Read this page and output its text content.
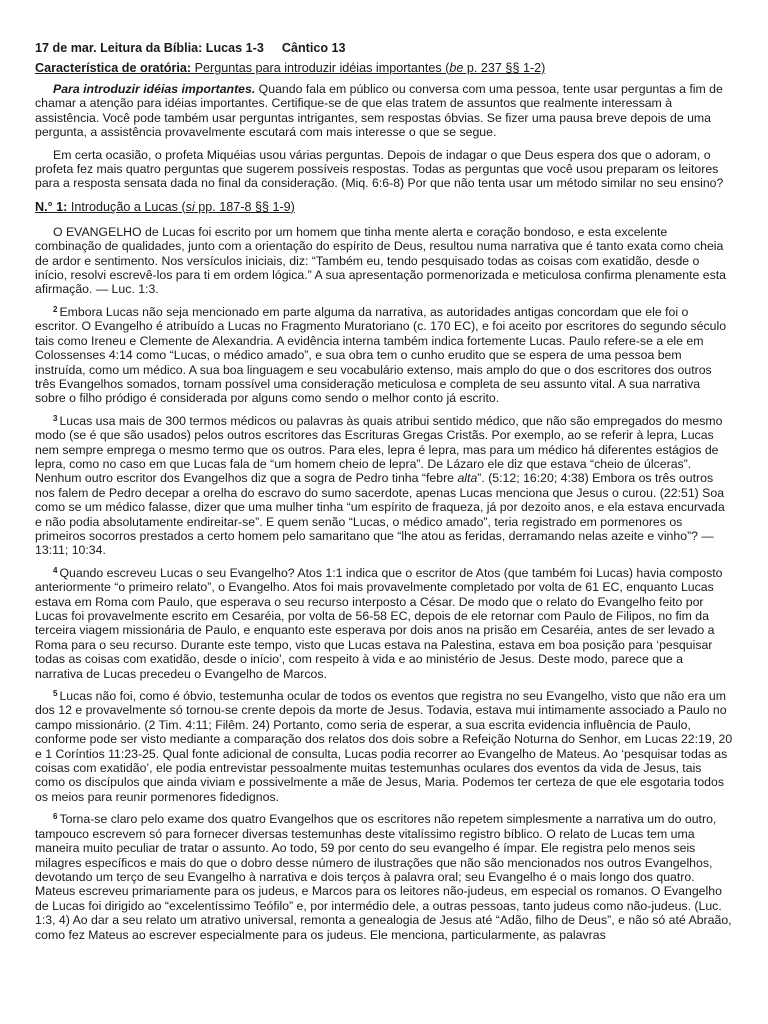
17 de mar. Leitura da Bíblia: Lucas 1-3 Cântico 13
Característica de oratória: Perguntas para introduzir idéias importantes (be p. 237 §§ 1-2)

Para introduzir idéias importantes. Quando fala em público ou conversa com uma pessoa, tente usar perguntas a fim de chamar a atenção para idéias importantes. Certifique-se de que elas tratem de assuntos que realmente interessam à assistência. Você pode também usar perguntas intrigantes, sem respostas óbvias. Se fizer uma pausa breve depois de uma pergunta, a assistência provavelmente escutará com mais interesse o que se segue.

Em certa ocasião, o profeta Miquéias usou várias perguntas. Depois de indagar o que Deus espera dos que o adoram, o profeta fez mais quatro perguntas que sugerem possíveis respostas. Todas as perguntas que você usou preparam os leitores para a resposta sensata dada no final da consideração. (Miq. 6:6-8) Por que não tenta usar um método similar no seu ensino?

N.° 1: Introdução a Lucas (si pp. 187-8 §§ 1-9)

O EVANGELHO de Lucas foi escrito por um homem que tinha mente alerta e coração bondoso, e esta excelente combinação de qualidades, junto com a orientação do espírito de Deus, resultou numa narrativa que é tanto exata como cheia de ardor e sentimento. Nos versículos iniciais, diz: “Também eu, tendo pesquisado todas as coisas com exatidão, desde o início, resolvi escrevê-los para ti em ordem lógica.” A sua apresentação pormenorizada e meticulosa confirma plenamente esta afirmação. — Luc. 1:3.

$^2$ Embora Lucas não seja mencionado em parte alguma da narrativa, as autoridades antigas concordam que ele foi o escritor. O Evangelho é atribuído a Lucas no Fragmento Muratoriano (c. 170 EC), e foi aceito por escritores do segundo século tais como Ireneu e Clemente de Alexandria. A evidência interna também indica fortemente Lucas. Paulo refere-se a ele em Colossenses 4:14 como “Lucas, o médico amado”, e sua obra tem o cunho erudito que se espera de uma pessoa bem instruída, como um médico. A sua boa linguagem e seu vocabulário extenso, mais amplo do que o dos escritores dos outros três Evangelhos somados, tornam possível uma consideração meticulosa e completa de seu assunto vital. A sua narrativa sobre o filho pródigo é considerada por alguns como sendo o melhor conto já escrito.

$^3$ Lucas usa mais de 300 termos médicos ou palavras às quais atribui sentido médico, que não são empregados do mesmo modo (se é que são usados) pelos outros escritores das Escrituras Gregas Cristãs. Por exemplo, ao se referir à lepra, Lucas nem sempre emprega o mesmo termo que os outros. Para eles, lepra é lepra, mas para um médico há diferentes estágios de lepra, como no caso em que Lucas fala de “um homem cheio de lepra”. De Lázaro ele diz que estava “cheio de úlceras”. Nenhum outro escritor dos Evangelhos diz que a sogra de Pedro tinha “febre alta”. (5:12; 16:20; 4:38) Embora os três outros nos falem de Pedro decepar a orelha do escravo do sumo sacerdote, apenas Lucas menciona que Jesus o curou. (22:51) Soa como se um médico falasse, dizer que uma mulher tinha “um espírito de fraqueza, já por dezoito anos, e ela estava encurvada e não podia absolutamente endireitar-se”. E quem senão “Lucas, o médico amado”, teria registrado em pormenores os primeiros socorros prestados a certo homem pelo samaritano que “lhe atou as feridas, derramando nelas azeite e vinho”? — 13:11; 10:34.

$^4$ Quando escreveu Lucas o seu Evangelho? Atos 1:1 indica que o escritor de Atos (que também foi Lucas) havia composto anteriormente “o primeiro relato”, o Evangelho. Atos foi mais provavelmente completado por volta de 61 EC, enquanto Lucas estava em Roma com Paulo, que esperava o seu recurso interposto a César. De modo que o relato do Evangelho feito por Lucas foi provavelmente escrito em Cesaréia, por volta de 56-58 EC, depois de ele retornar com Paulo de Filipos, no fim da terceira viagem missionária de Paulo, e enquanto este esperava por dois anos na prisão em Cesaréia, antes de ser levado a Roma para o seu recurso. Durante este tempo, visto que Lucas estava na Palestina, estava em boa posição para ‘pesquisar todas as coisas com exatidão, desde o início’, com respeito à vida e ao ministério de Jesus. Deste modo, parece que a narrativa de Lucas precedeu o Evangelho de Marcos.

$^5$ Lucas não foi, como é óbvio, testemunha ocular de todos os eventos que registra no seu Evangelho, visto que não era um dos 12 e provavelmente só tornou-se crente depois da morte de Jesus. Todavia, estava mui intimamente associado a Paulo no campo missionário. (2 Tim. 4:11; Filêm. 24) Portanto, como seria de esperar, a sua escrita evidencia influência de Paulo, conforme pode ser visto mediante a comparação dos relatos dos dois sobre a Refeição Noturna do Senhor, em Lucas 22:19, 20 e 1 Coríntios 11:23-25. Qual fonte adicional de consulta, Lucas podia recorrer ao Evangelho de Mateus. Ao ‘pesquisar todas as coisas com exatidão’, ele podia entrevistar pessoalmente muitas testemunhas oculares dos eventos da vida de Jesus, tais como os discípulos que ainda viviam e possivelmente a mãe de Jesus, Maria. Podemos ter certeza de que ele esgotaria todos os meios para reunir pormenores fidedignos.

$^6$ Torna-se claro pelo exame dos quatro Evangelhos que os escritores não repetem simplesmente a narrativa um do outro, tampouco escrevem só para fornecer diversas testemunhas deste vitalíssimo registro bíblico. O relato de Lucas tem uma maneira muito peculiar de tratar o assunto. Ao todo, 59 por cento do seu evangelho é ímpar. Ele registra pelo menos seis milagres específicos e mais do que o dobro desse número de ilustrações que não são mencionados nos outros Evangelhos, devotando um terço de seu Evangelho à narrativa e dois terços à palavra oral; seu Evangelho é o mais longo dos quatro. Mateus escreveu primariamente para os judeus, e Marcos para os leitores não-judeus, em especial os romanos. O Evangelho de Lucas foi dirigido ao “excelentíssimo Teófilo” e, por intermédio dele, a outras pessoas, tanto judeus como não-judeus. (Luc. 1:3, 4) Ao dar a seu relato um atrativo universal, remonta a genealogia de Jesus até “Adão, filho de Deus”, e não só até Abraão, como fez Mateus ao escrever especialmente para os judeus. Ele menciona, particularmente, as palavras
